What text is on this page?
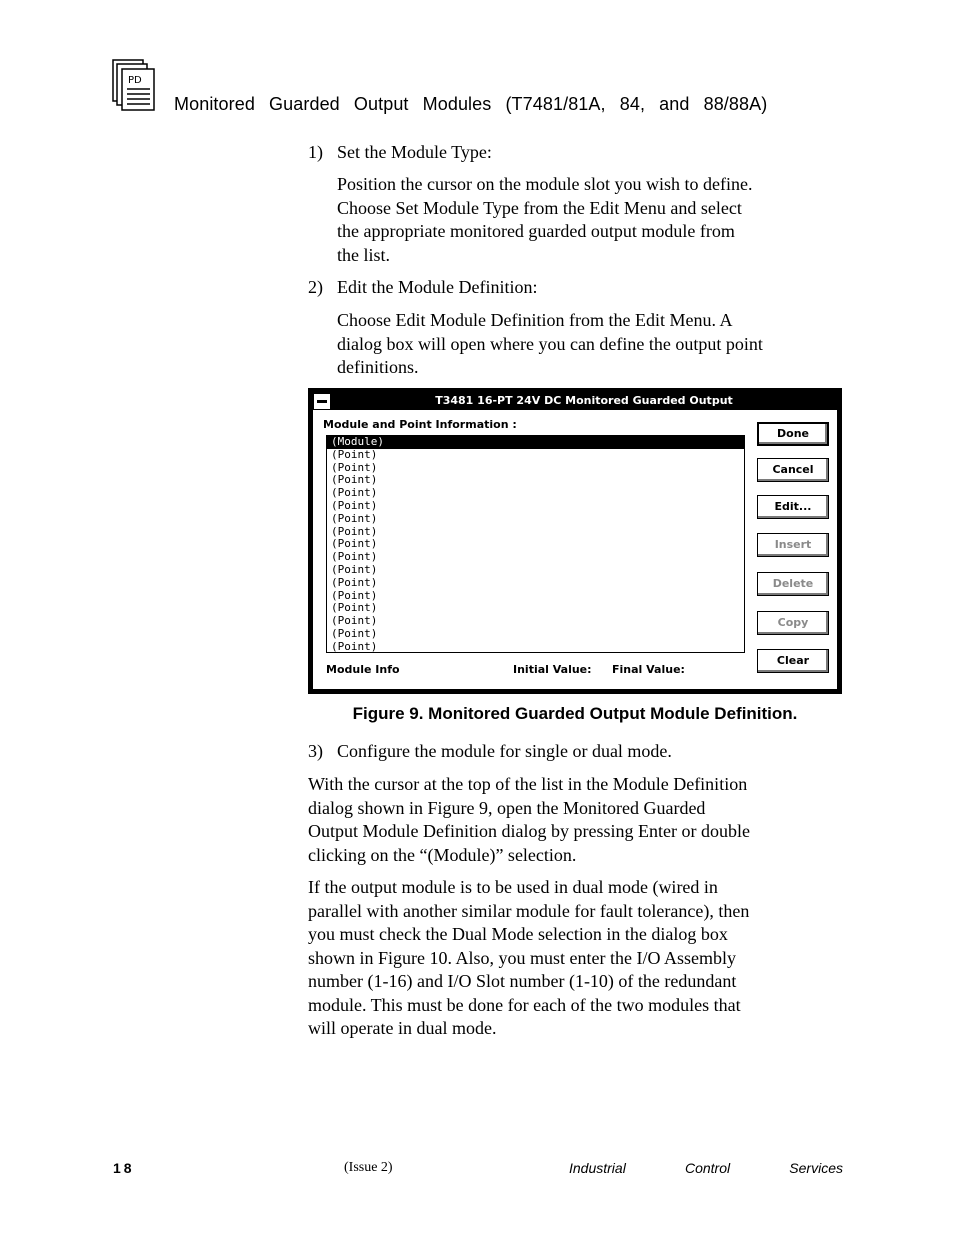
PD
Monitored Guarded Output Modules (T7481/81A, 84, and 88/88A)
1) Set the Module Type:
Position the cursor on the module slot you wish to define.
Choose Set Module Type from the Edit Menu and select
the appropriate monitored guarded output module from
the list.
2) Edit the Module Definition:
Choose Edit Module Definition from the Edit Menu. A
dialog box will open where you can define the output point
definitions.
T3481 16-PT 24V DC Monitored Guarded Output
Module and Point Information :
(Module)
(Point)
(Point)
(Point)
(Point)
(Point)
(Point)
(Point)
(Point)
(Point)
(Point)
(Point)
(Point)
(Point)
(Point)
(Point)
(Point)
Done
Cancel
Edit...
Insert
Delete
Copy
Clear
Module Info	Initial Value: Final Value:
Figure 9. Monitored Guarded Output Module Definition.
3) Configure the module for single or dual mode.
With the cursor at the top of the list in the Module Definition
dialog shown in Figure 9, open the Monitored Guarded
Output Module Definition dialog by pressing Enter or double
clicking on the “(Module)” selection.
If the output module is to be used in dual mode (wired in
parallel with another similar module for fault tolerance), then
you must check the Dual Mode selection in the dialog box
shown in Figure 10. Also, you must enter the I/O Assembly
number (1-16) and I/O Slot number (1-10) of the redundant
module. This must be done for each of the two modules that
will operate in dual mode.
18	(Issue 2)	Industrial	Control	Services
